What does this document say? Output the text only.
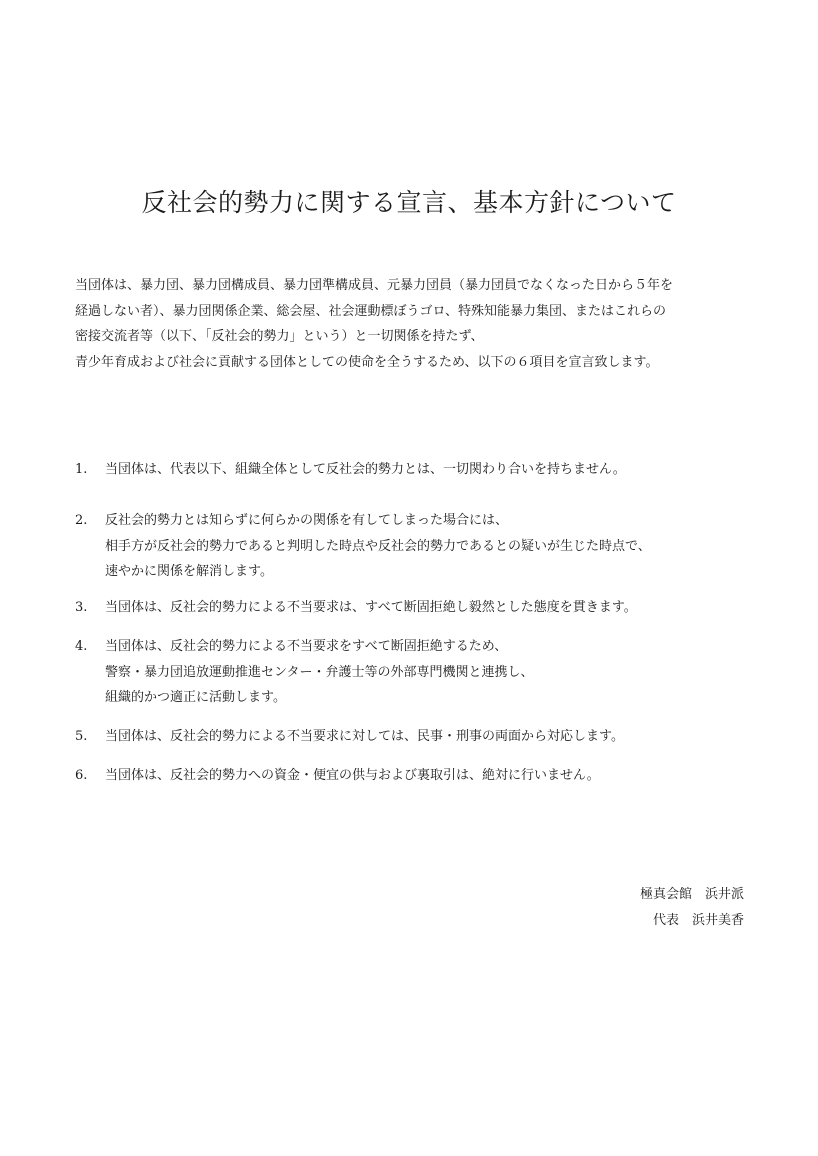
反社会的勢力に関する宣言、基本方針について
当団体は、暴力団、暴力団構成員、暴力団準構成員、元暴力団員（暴力団員でなくなった日から５年を
経過しない者）、暴力団関係企業、総会屋、社会運動標ぼうゴロ、特殊知能暴力集団、またはこれらの
密接交流者等（以下、「反社会的勢力」という）と一切関係を持たず、
青少年育成および社会に貢献する団体としての使命を全うするため、以下の６項目を宣言致します。
1. 当団体は、代表以下、組織全体として反社会的勢力とは、一切関わり合いを持ちません。
2. 反社会的勢力とは知らずに何らかの関係を有してしまった場合には、
相手方が反社会的勢力であると判明した時点や反社会的勢力であるとの疑いが生じた時点で、
速やかに関係を解消します。
3. 当団体は、反社会的勢力による不当要求は、すべて断固拒絶し毅然とした態度を貫きます。
4. 当団体は、反社会的勢力による不当要求をすべて断固拒絶するため、
警察・暴力団追放運動推進センター・弁護士等の外部専門機関と連携し、
組織的かつ適正に活動します。
5. 当団体は、反社会的勢力による不当要求に対しては、民事・刑事の両面から対応します。
6. 当団体は、反社会的勢力への資金・便宜の供与および裏取引は、絶対に行いません。
極真会館　浜井派
代表　浜井美香
